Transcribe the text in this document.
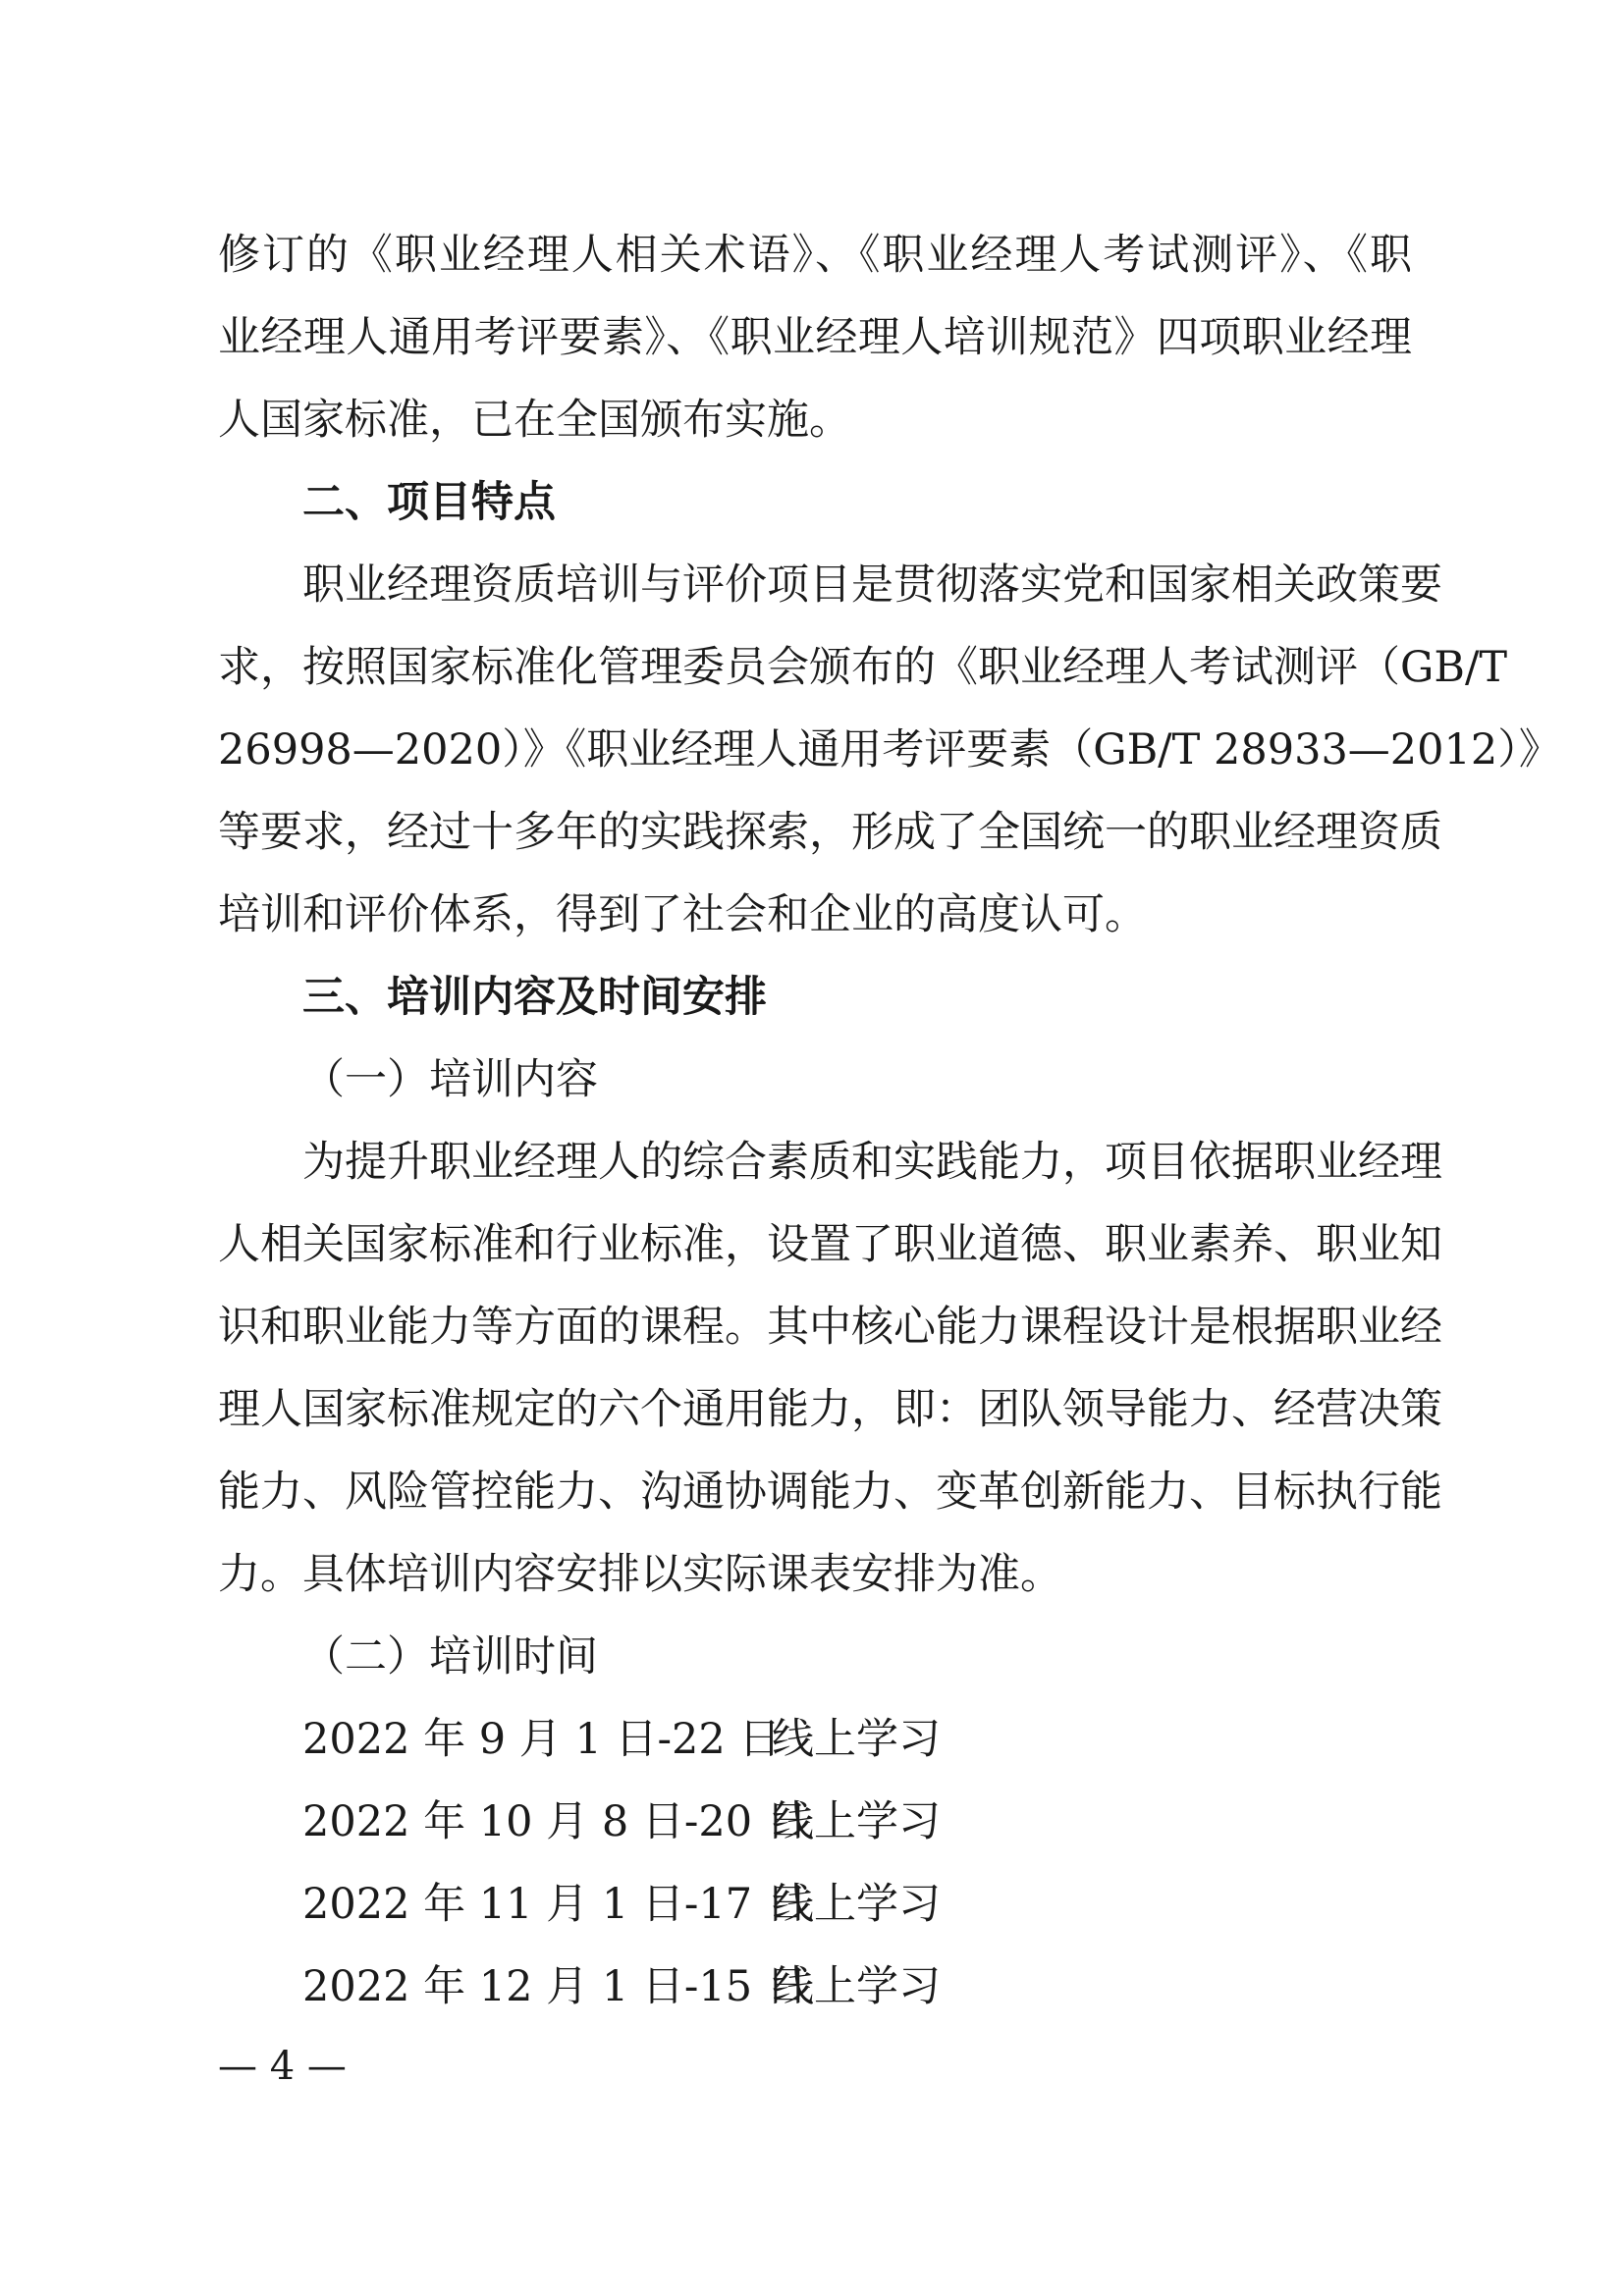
修订的《职业经理人相关术语》、《职业经理人考试测评》、《职
业经理人通用考评要素》、《职业经理人培训规范》四项职业经理
人国家标准，已在全国颁布实施。
二、项目特点
职业经理资质培训与评价项目是贯彻落实党和国家相关政策要
求，按照国家标准化管理委员会颁布的《职业经理人考试测评（GB/T
26998—2020）》《职业经理人通用考评要素（GB/T 28933—2012）》
等要求，经过十多年的实践探索，形成了全国统一的职业经理资质
培训和评价体系，得到了社会和企业的高度认可。
三、培训内容及时间安排
（一）培训内容
为提升职业经理人的综合素质和实践能力，项目依据职业经理
人相关国家标准和行业标准，设置了职业道德、职业素养、职业知
识和职业能力等方面的课程。其中核心能力课程设计是根据职业经
理人国家标准规定的六个通用能力，即：团队领导能力、经营决策
能力、风险管控能力、沟通协调能力、变革创新能力、目标执行能
力。具体培训内容安排以实际课表安排为准。
（二）培训时间
2022 年 9 月 1 日-22 日
线上学习
2022 年 10 月 8 日-20 日
线上学习
2022 年 11 月 1 日-17 日
线上学习
2022 年 12 月 1 日-15 日
线上学习
— 4 —
